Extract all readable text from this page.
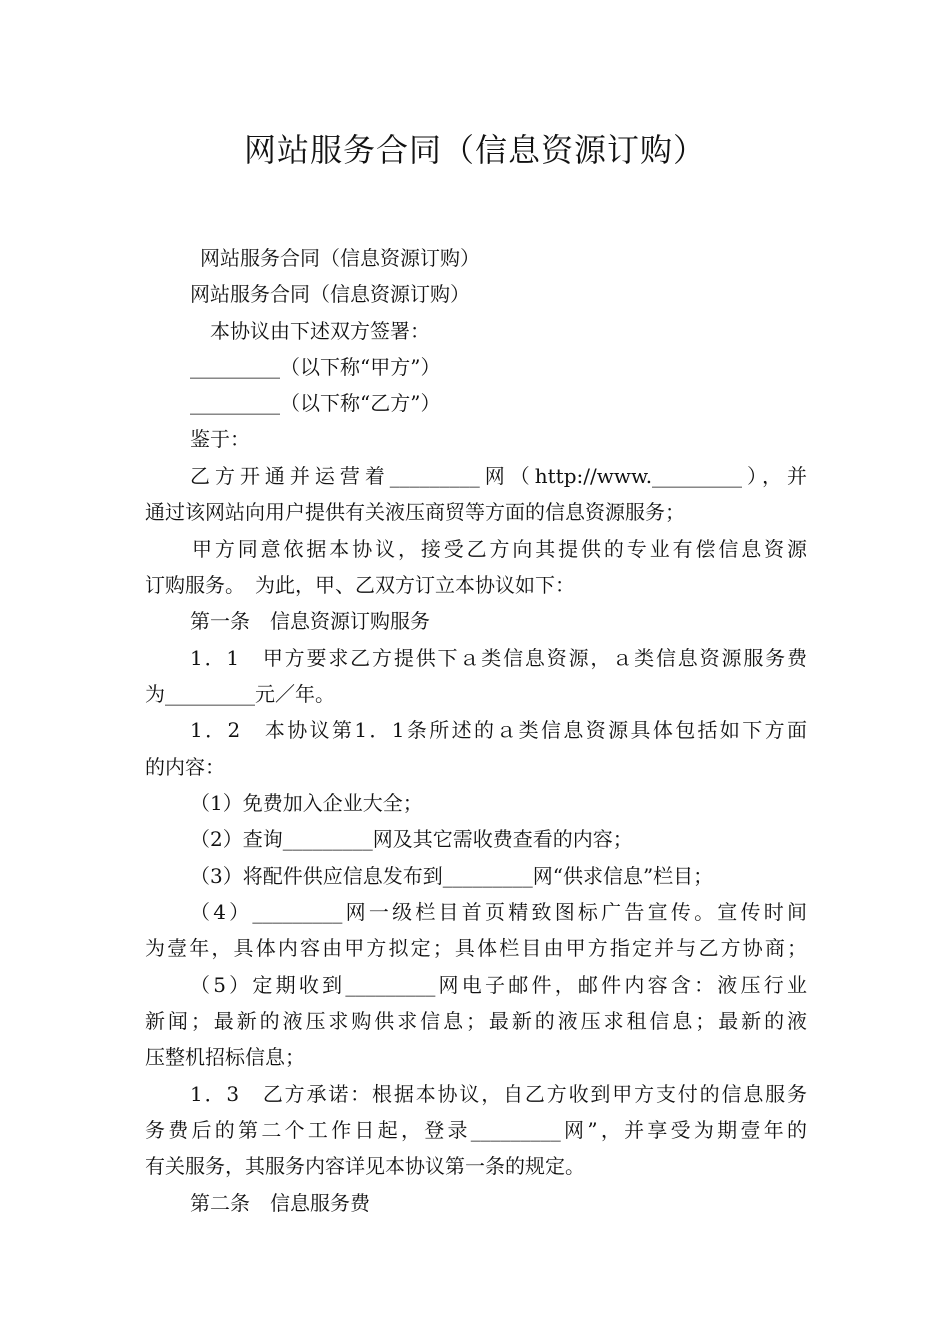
网站服务合同（信息资源订购）
网站服务合同（信息资源订购）
网站服务合同（信息资源订购）
本协议由下述双方签署：
_________（以下称“甲方”）
_________（以下称“乙方”）
鉴于：
乙方开通并运营着_________网（http://www._________），并
通过该网站向用户提供有关液压商贸等方面的信息资源服务；
甲方同意依据本协议，接受乙方向其提供的专业有偿信息资源
订购服务。　为此，甲、乙双方订立本协议如下：
第一条　信息资源订购服务
1．1　甲方要求乙方提供下ａ类信息资源，ａ类信息资源服务费
为_________元／年。
1．2　本协议第1．1条所述的ａ类信息资源具体包括如下方面
的内容：
（1）免费加入企业大全；
（2）查询_________网及其它需收费查看的内容；
（3）将配件供应信息发布到_________网“供求信息”栏目；
（4）_________网一级栏目首页精致图标广告宣传。宣传时间
为壹年，具体内容由甲方拟定；具体栏目由甲方指定并与乙方协商；
（5）定期收到_________网电子邮件，邮件内容含：液压行业
新闻；最新的液压求购供求信息；最新的液压求租信息；最新的液
压整机招标信息；
1．3　乙方承诺：根据本协议，自乙方收到甲方支付的信息服务
务费后的第二个工作日起，登录_________网”，并享受为期壹年的
有关服务，其服务内容详见本协议第一条的规定。
第二条　信息服务费
